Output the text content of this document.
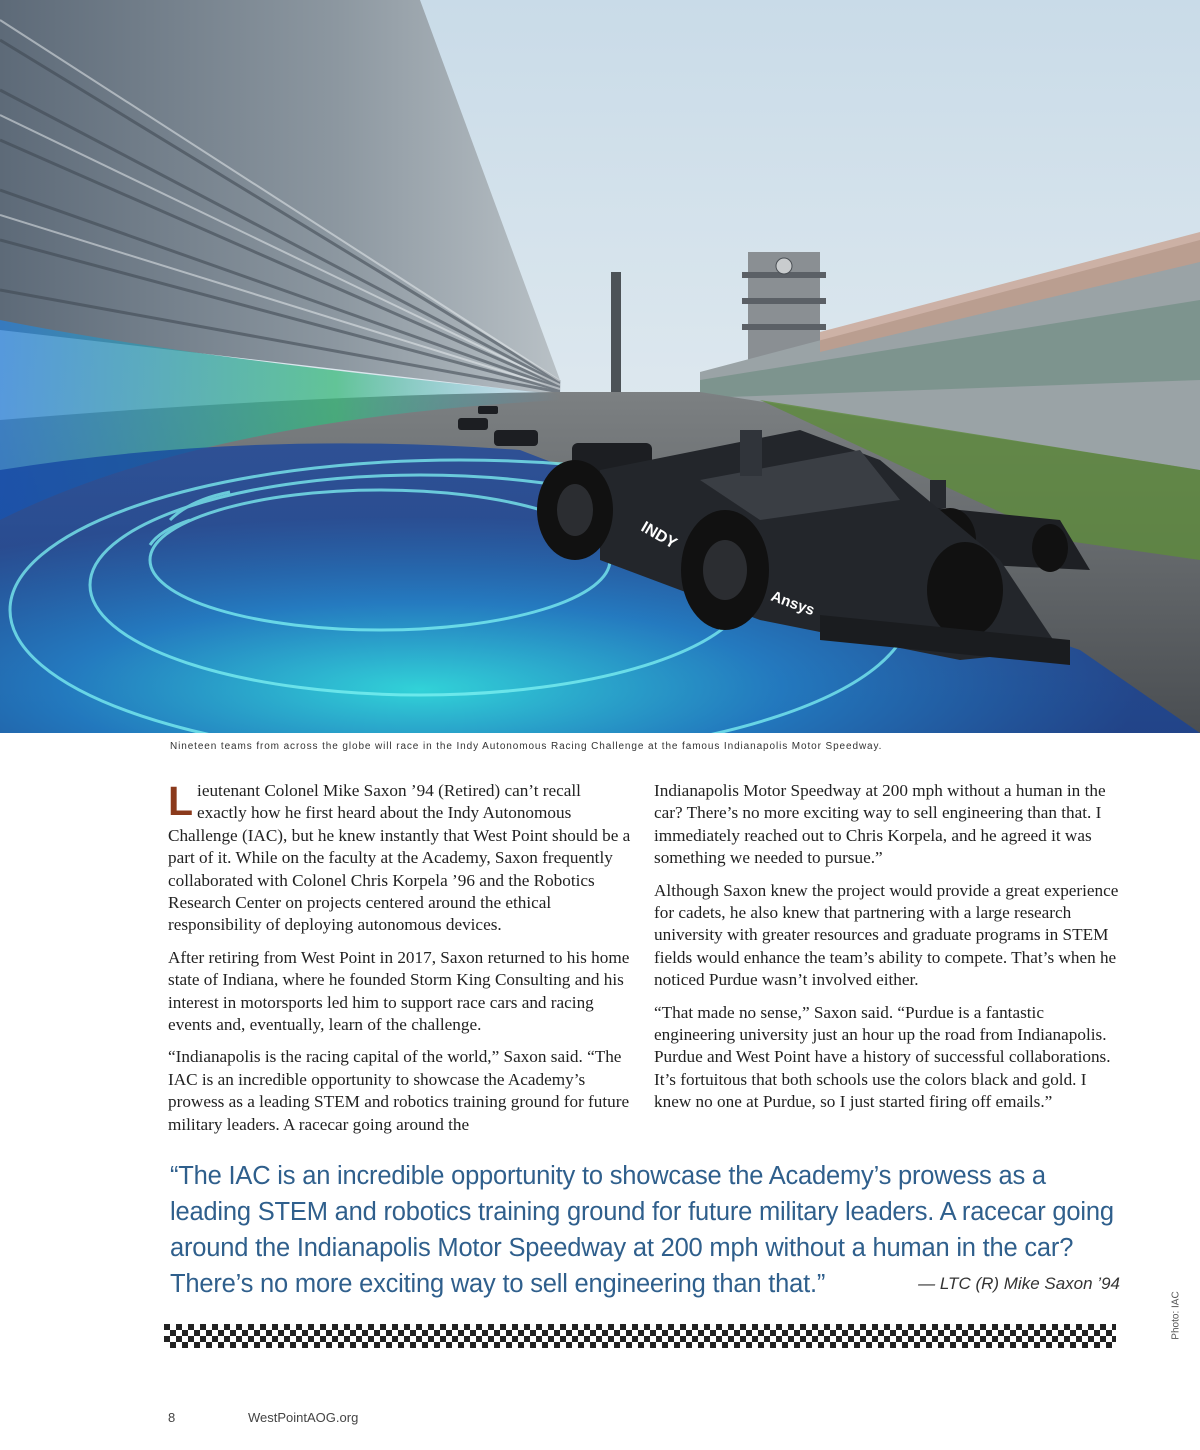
INDY
Ansys
Nineteen teams from across the globe will race in the Indy Autonomous Racing Challenge at the famous Indianapolis Motor Speedway.

Lieutenant Colonel Mike Saxon ’94 (Retired) can’t recall exactly how he first heard about the Indy Autonomous Challenge (IAC), but he knew instantly that West Point should be a part of it. While on the faculty at the Academy, Saxon frequently collaborated with Colonel Chris Korpela ’96 and the Robotics Research Center on projects centered around the ethical responsibility of deploying autonomous devices.

After retiring from West Point in 2017, Saxon returned to his home state of Indiana, where he founded Storm King Consulting and his interest in motorsports led him to support race cars and racing events and, eventually, learn of the challenge.

“Indianapolis is the racing capital of the world,” Saxon said. “The IAC is an incredible opportunity to showcase the Academy’s prowess as a leading STEM and robotics training ground for future military leaders. A racecar going around the

Indianapolis Motor Speedway at 200 mph without a human in the car? There’s no more exciting way to sell engineering than that. I immediately reached out to Chris Korpela, and he agreed it was something we needed to pursue.”

Although Saxon knew the project would provide a great experience for cadets, he also knew that partnering with a large research university with greater resources and graduate programs in STEM fields would enhance the team’s ability to compete. That’s when he noticed Purdue wasn’t involved either.

“That made no sense,” Saxon said. “Purdue is a fantastic engineering university just an hour up the road from Indianapolis. Purdue and West Point have a history of successful collaborations. It’s fortuitous that both schools use the colors black and gold. I knew no one at Purdue, so I just started firing off emails.”

“The IAC is an incredible opportunity to showcase the Academy’s prowess as a leading STEM and robotics training ground for future military leaders. A racecar going around the Indianapolis Motor Speedway at 200 mph without a human in the car? There’s no more exciting way to sell engineering than that.”	— LTC (R) Mike Saxon ’94
Photo: IAC
8	WestPointAOG.org
